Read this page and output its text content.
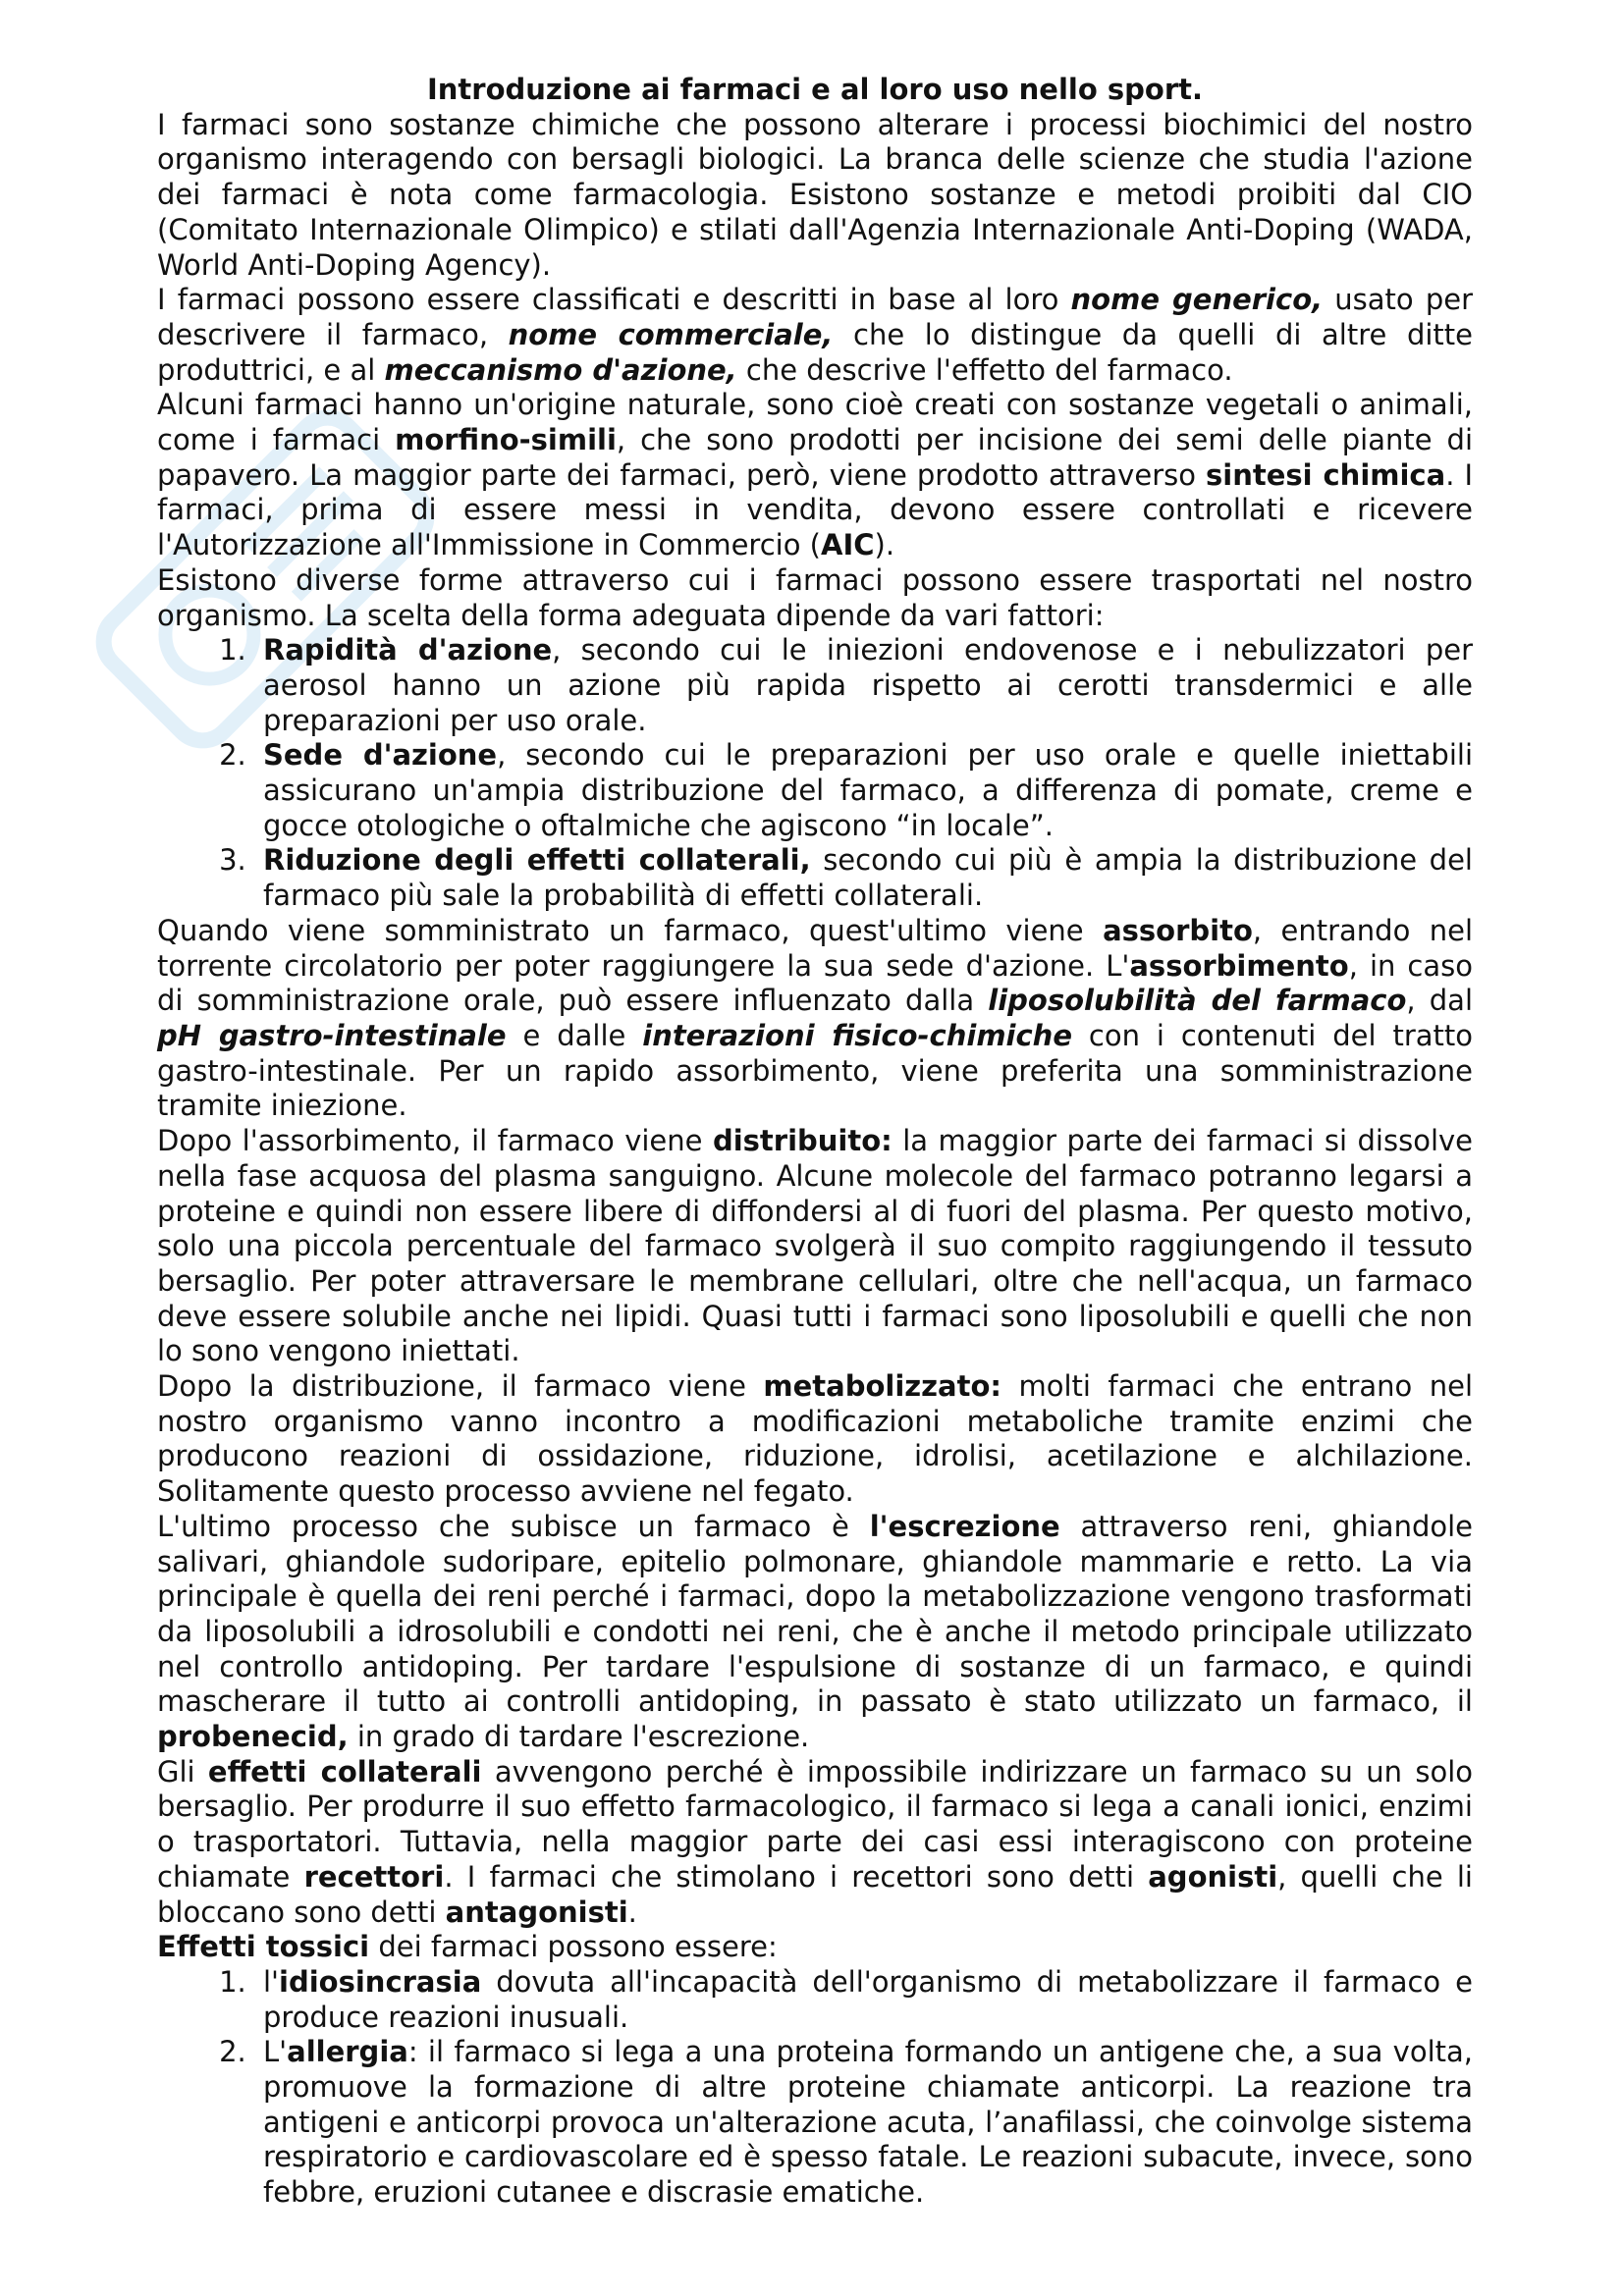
Introduzione ai farmaci e al loro uso nello sport.

I farmaci sono sostanze chimiche che possono alterare i processi biochimici del nostro organismo interagendo con bersagli biologici. La branca delle scienze che studia l'azione dei farmaci è nota come farmacologia. Esistono sostanze e metodi proibiti dal CIO (Comitato Internazionale Olimpico) e stilati dall'Agenzia Internazionale Anti-Doping (WADA, World Anti-Doping Agency).

I farmaci possono essere classificati e descritti in base al loro nome generico, usato per descrivere il farmaco, nome commerciale, che lo distingue da quelli di altre ditte produttrici, e al meccanismo d'azione, che descrive l'effetto del farmaco.

Alcuni farmaci hanno un'origine naturale, sono cioè creati con sostanze vegetali o animali, come i farmaci morfino-simili, che sono prodotti per incisione dei semi delle piante di papavero. La maggior parte dei farmaci, però, viene prodotto attraverso sintesi chimica. I farmaci, prima di essere messi in vendita, devono essere controllati e ricevere l'Autorizzazione all'Immissione in Commercio (AIC).

Esistono diverse forme attraverso cui i farmaci possono essere trasportati nel nostro organismo. La scelta della forma adeguata dipende da vari fattori:

1. Rapidità d'azione, secondo cui le iniezioni endovenose e i nebulizzatori per aerosol hanno un azione più rapida rispetto ai cerotti transdermici e alle preparazioni per uso orale.
2. Sede d'azione, secondo cui le preparazioni per uso orale e quelle iniettabili assicurano un'ampia distribuzione del farmaco, a differenza di pomate, creme e gocce otologiche o oftalmiche che agiscono “in locale”.
3. Riduzione degli effetti collaterali, secondo cui più è ampia la distribuzione del farmaco più sale la probabilità di effetti collaterali.

Quando viene somministrato un farmaco, quest'ultimo viene assorbito, entrando nel torrente circolatorio per poter raggiungere la sua sede d'azione. L'assorbimento, in caso di somministrazione orale, può essere influenzato dalla liposolubilità del farmaco, dal pH gastro-intestinale e dalle interazioni fisico-chimiche con i contenuti del tratto gastro-intestinale. Per un rapido assorbimento, viene preferita una somministrazione tramite iniezione.

Dopo l'assorbimento, il farmaco viene distribuito: la maggior parte dei farmaci si dissolve nella fase acquosa del plasma sanguigno. Alcune molecole del farmaco potranno legarsi a proteine e quindi non essere libere di diffondersi al di fuori del plasma. Per questo motivo, solo una piccola percentuale del farmaco svolgerà il suo compito raggiungendo il tessuto bersaglio. Per poter attraversare le membrane cellulari, oltre che nell'acqua, un farmaco deve essere solubile anche nei lipidi. Quasi tutti i farmaci sono liposolubili e quelli che non lo sono vengono iniettati.

Dopo la distribuzione, il farmaco viene metabolizzato: molti farmaci che entrano nel nostro organismo vanno incontro a modificazioni metaboliche tramite enzimi che producono reazioni di ossidazione, riduzione, idrolisi, acetilazione e alchilazione. Solitamente questo processo avviene nel fegato.

L'ultimo processo che subisce un farmaco è l'escrezione attraverso reni, ghiandole salivari, ghiandole sudoripare, epitelio polmonare, ghiandole mammarie e retto. La via principale è quella dei reni perché i farmaci, dopo la metabolizzazione vengono trasformati da liposolubili a idrosolubili e condotti nei reni, che è anche il metodo principale utilizzato nel controllo antidoping. Per tardare l'espulsione di sostanze di un farmaco, e quindi mascherare il tutto ai controlli antidoping, in passato è stato utilizzato un farmaco, il probenecid, in grado di tardare l'escrezione.

Gli effetti collaterali avvengono perché è impossibile indirizzare un farmaco su un solo bersaglio. Per produrre il suo effetto farmacologico, il farmaco si lega a canali ionici, enzimi o trasportatori. Tuttavia, nella maggior parte dei casi essi interagiscono con proteine chiamate recettori. I farmaci che stimolano i recettori sono detti agonisti, quelli che li bloccano sono detti antagonisti.

Effetti tossici dei farmaci possono essere:

1. l'idiosincrasia dovuta all'incapacità dell'organismo di metabolizzare il farmaco e produce reazioni inusuali.
2. L'allergia: il farmaco si lega a una proteina formando un antigene che, a sua volta, promuove la formazione di altre proteine chiamate anticorpi. La reazione tra antigeni e anticorpi provoca un'alterazione acuta, l’anafilassi, che coinvolge sistema respiratorio e cardiovascolare ed è spesso fatale. Le reazioni subacute, invece, sono febbre, eruzioni cutanee e discrasie ematiche.
